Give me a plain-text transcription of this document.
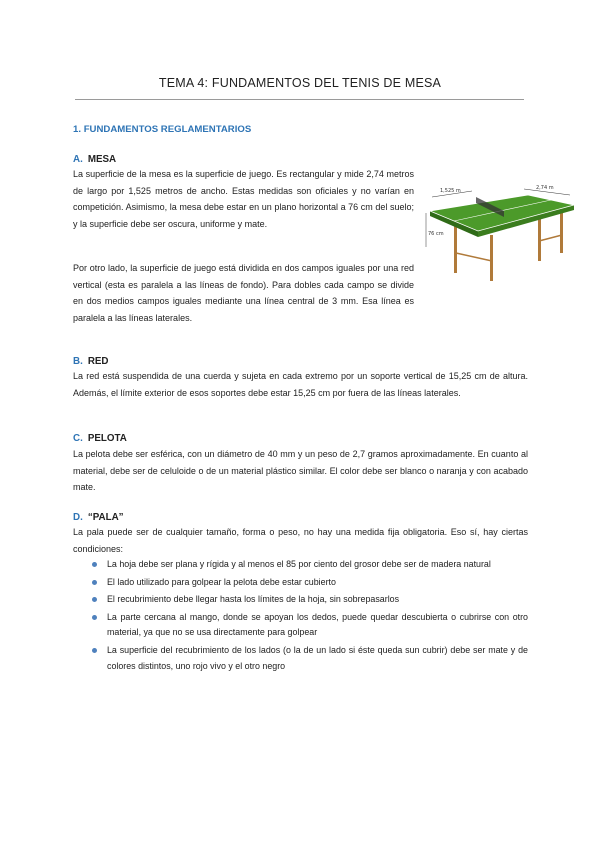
TEMA 4: FUNDAMENTOS DEL TENIS DE MESA
1. FUNDAMENTOS REGLAMENTARIOS
A. MESA
La superficie de la mesa es la superficie de juego. Es rectangular y mide 2,74 metros de largo por 1,525 metros de ancho. Estas medidas son oficiales y no varían en competición. Asimismo, la mesa debe estar en un plano horizontal a 76 cm del suelo; y la superficie debe ser oscura, uniforme y mate.
Por otro lado, la superficie de juego está dividida en dos campos iguales por una red vertical (esta es paralela a las líneas de fondo). Para dobles cada campo se divide en dos medios campos iguales mediante una línea central de 3 mm. Esa línea es paralela a las líneas laterales.
1,525 m	2,74 m
76 cm
B. RED
La red está suspendida de una cuerda y sujeta en cada extremo por un soporte vertical de 15,25 cm de altura. Además, el límite exterior de esos soportes debe estar 15,25 cm por fuera de las líneas laterales.
C. PELOTA
La pelota debe ser esférica, con un diámetro de 40 mm y un peso de 2,7 gramos aproximadamente. En cuanto al material, debe ser de celuloide o de un material plástico similar. El color debe ser blanco o naranja y con acabado mate.
D. “PALA”
La pala puede ser de cualquier tamaño, forma o peso, no hay una medida fija obligatoria. Eso sí, hay ciertas condiciones:
La hoja debe ser plana y rígida y al menos el 85 por ciento del grosor debe ser de madera natural
El lado utilizado para golpear la pelota debe estar cubierto
El recubrimiento debe llegar hasta los límites de la hoja, sin sobrepasarlos
La parte cercana al mango, donde se apoyan los dedos, puede quedar descubierta o cubrirse con otro material, ya que no se usa directamente para golpear
La superficie del recubrimiento de los lados (o la de un lado si éste queda sun cubrir) debe ser mate y de colores distintos, uno rojo vivo y el otro negro
